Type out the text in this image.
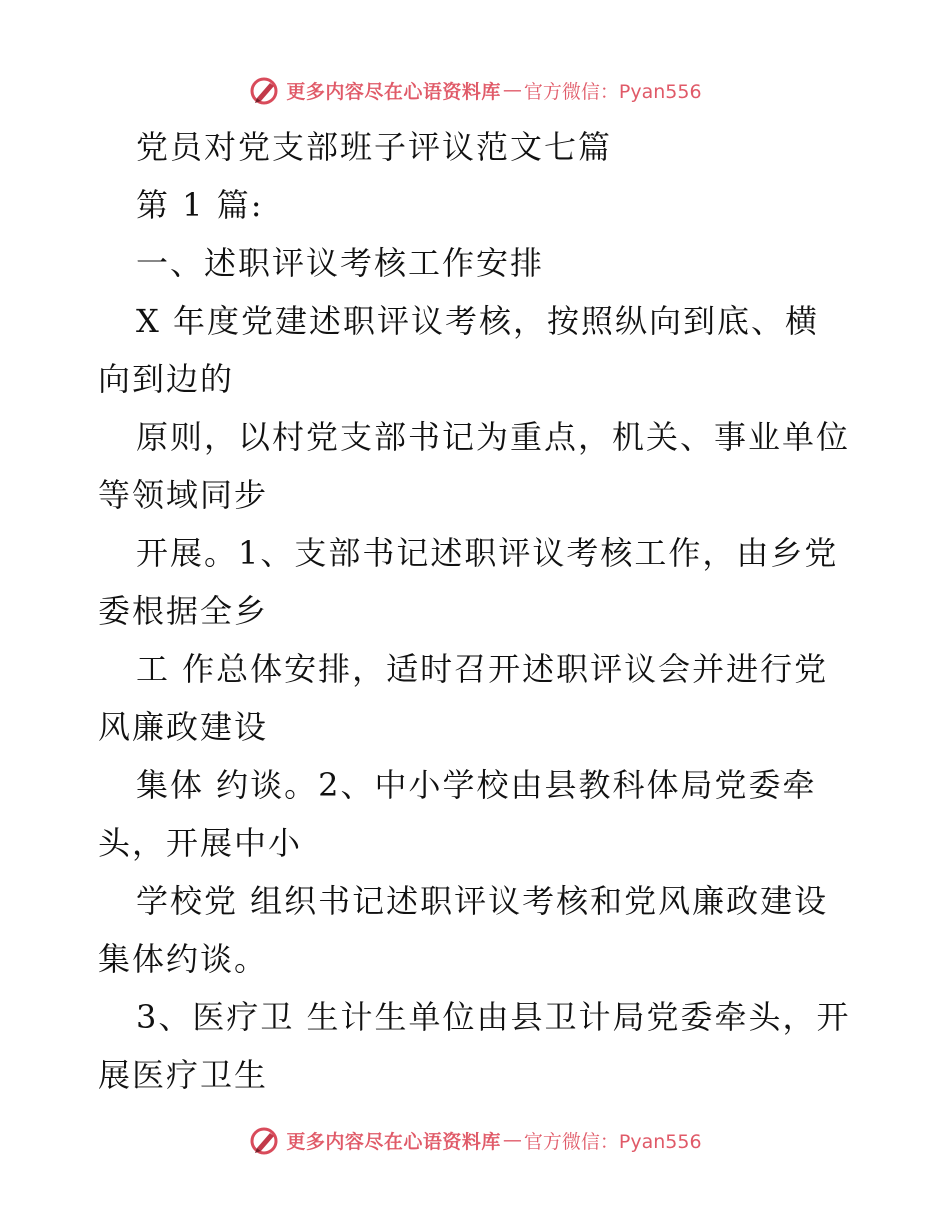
更多内容尽在心语资料库 — 官方微信：Pyan556
党员对党支部班子评议范文七篇
第 1 篇:
一、述职评议考核工作安排
X 年度党建述职评议考核，按照纵向到底、横
向到边的
原则，以村党支部书记为重点，机关、事业单位
等领域同步
开展。1、支部书记述职评议考核工作，由乡党
委根据全乡
工 作总体安排，适时召开述职评议会并进行党
风廉政建设
集体 约谈。2、中小学校由县教科体局党委牵
头，开展中小
学校党 组织书记述职评议考核和党风廉政建设
集体约谈。
3、医疗卫 生计生单位由县卫计局党委牵头，开
展医疗卫生
更多内容尽在心语资料库 — 官方微信：Pyan556
